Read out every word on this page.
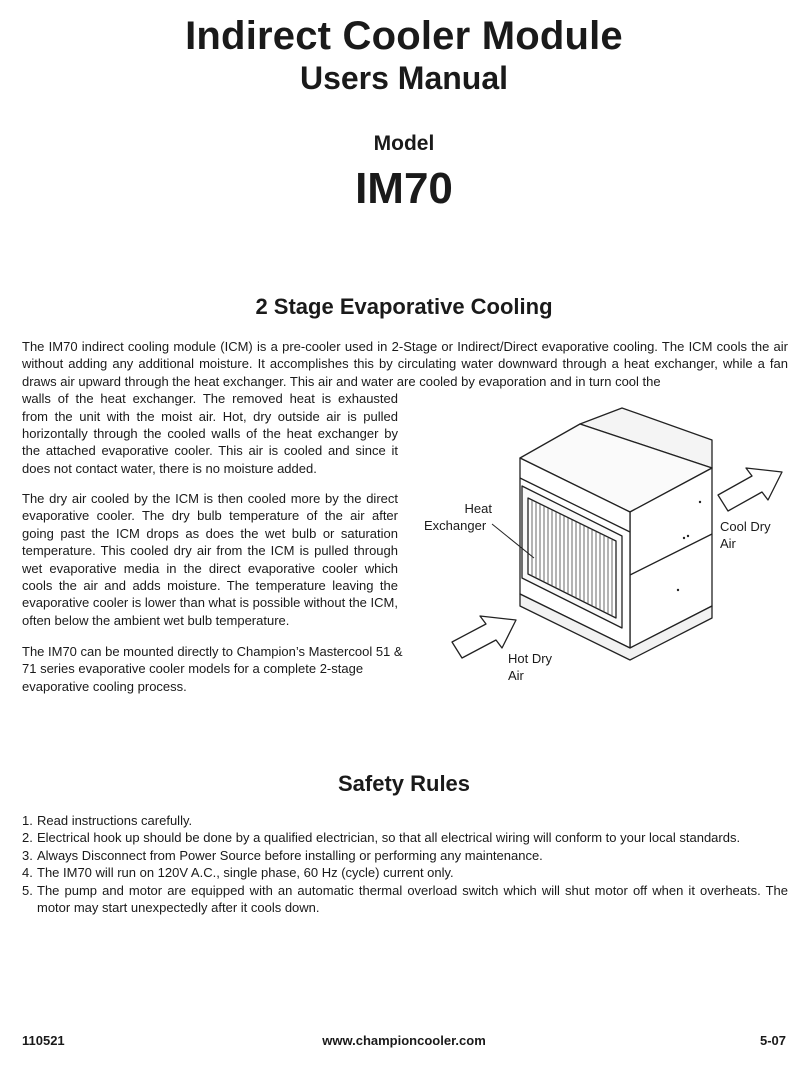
Indirect Cooler Module
Users Manual
Model
IM70
2 Stage Evaporative Cooling

The IM70 indirect cooling module (ICM) is a pre-cooler used in 2-Stage or Indirect/Direct evaporative cooling. The ICM cools the air without adding any additional moisture. It accomplishes this by circulating water downward through a heat exchanger, while a fan draws air upward through the heat exchanger. This air and water are cooled by evaporation and in turn cool the
walls of the heat exchanger. The removed heat is exhausted from the unit with the moist air. Hot, dry outside air is pulled horizontally through the cooled walls of the heat exchanger by the attached evaporative cooler. This air is cooled and since it does not contact water, there is no moisture added.

The dry air cooled by the ICM is then cooled more by the direct evaporative cooler. The dry bulb temperature of the air after going past the ICM drops as does the wet bulb or saturation temperature. This cooled dry air from the ICM is pulled through wet evaporative media in the direct evaporative cooler which cools the air and adds moisture. The temperature leaving the evaporative cooler is lower than what is possible without the ICM, often below the ambient wet bulb temperature.

The IM70 can be mounted directly to Champion’s Mastercool 51 & 71 series evaporative cooler models for a complete 2-stage evaporative cooling process.

Heat
Exchanger	Cool Dry
Air
Hot Dry
Air
Safety Rules
1. Read instructions carefully.
2. Electrical hook up should be done by a qualified electrician, so that all electrical wiring will conform to your local standards.
3. Always Disconnect from Power Source before installing or performing any maintenance.
4. The IM70 will run on 120V A.C., single phase, 60 Hz (cycle) current only.
5. The pump and motor are equipped with an automatic thermal overload switch which will shut motor off when it overheats. The motor may start unexpectedly after it cools down.
110521	www.championcooler.com	5-07
